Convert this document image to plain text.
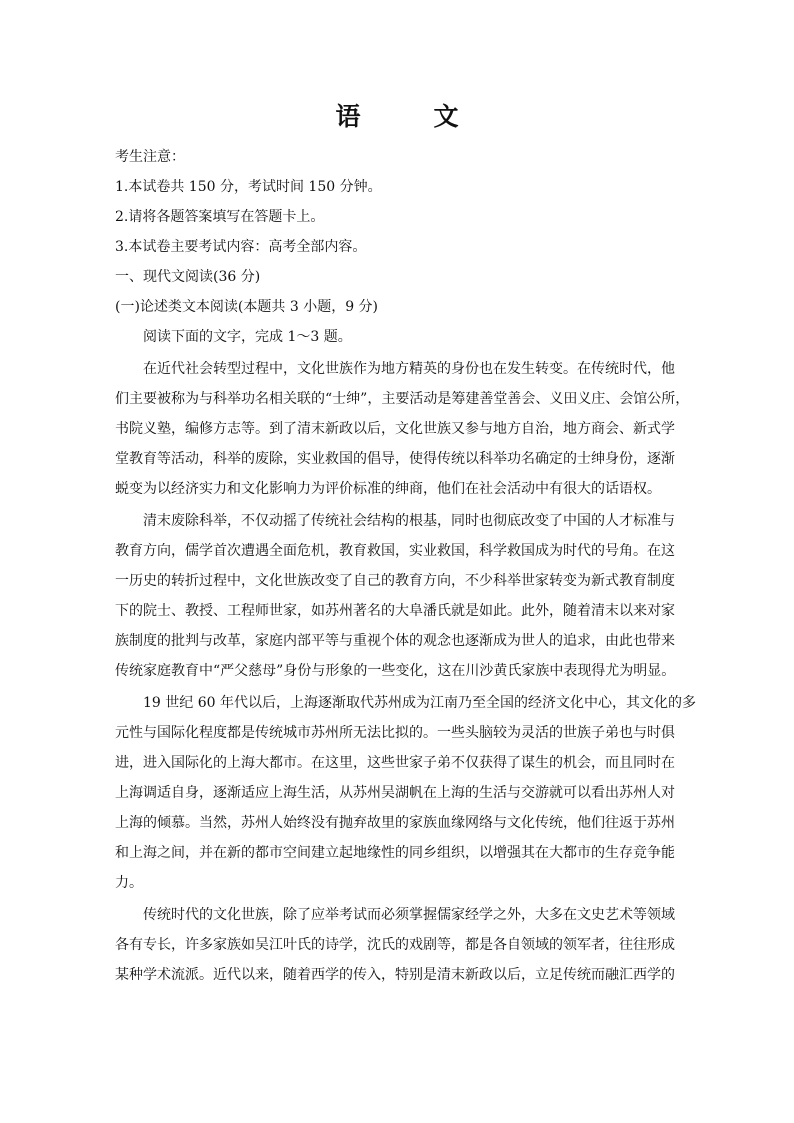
语　文
考生注意：
1.本试卷共 150 分，考试时间 150 分钟。
2.请将各题答案填写在答题卡上。
3.本试卷主要考试内容：高考全部内容。
一、现代文阅读(36 分)
(一)论述类文本阅读(本题共 3 小题，9 分)
阅读下面的文字，完成 1～3 题。
在近代社会转型过程中，文化世族作为地方精英的身份也在发生转变。在传统时代，他
们主要被称为与科举功名相关联的“士绅”，主要活动是筹建善堂善会、义田义庄、会馆公所，
书院义塾，编修方志等。到了清末新政以后，文化世族又参与地方自治，地方商会、新式学
堂教育等活动，科举的废除，实业救国的倡导，使得传统以科举功名确定的士绅身份，逐渐
蜕变为以经济实力和文化影响力为评价标准的绅商，他们在社会活动中有很大的话语权。
清末废除科举，不仅动摇了传统社会结构的根基，同时也彻底改变了中国的人才标准与
教育方向，儒学首次遭遇全面危机，教育救国，实业救国，科学救国成为时代的号角。在这
一历史的转折过程中，文化世族改变了自己的教育方向，不少科举世家转变为新式教育制度
下的院士、教授、工程师世家，如苏州著名的大阜潘氏就是如此。此外，随着清末以来对家
族制度的批判与改革，家庭内部平等与重视个体的观念也逐渐成为世人的追求，由此也带来
传统家庭教育中“严父慈母”身份与形象的一些变化，这在川沙黄氏家族中表现得尤为明显。
19 世纪 60 年代以后，上海逐渐取代苏州成为江南乃至全国的经济文化中心，其文化的多
元性与国际化程度都是传统城市苏州所无法比拟的。一些头脑较为灵活的世族子弟也与时俱
进，进入国际化的上海大都市。在这里，这些世家子弟不仅获得了谋生的机会，而且同时在
上海调适自身，逐渐适应上海生活，从苏州吴湖帆在上海的生活与交游就可以看出苏州人对
上海的倾慕。当然，苏州人始终没有抛弃故里的家族血缘网络与文化传统，他们往返于苏州
和上海之间，并在新的都市空间建立起地缘性的同乡组织，以增强其在大都市的生存竞争能
力。
传统时代的文化世族，除了应举考试而必须掌握儒家经学之外，大多在文史艺术等领域
各有专长，许多家族如吴江叶氏的诗学，沈氏的戏剧等，都是各自领域的领军者，往往形成
某种学术流派。近代以来，随着西学的传入，特别是清末新政以后，立足传统而融汇西学的
